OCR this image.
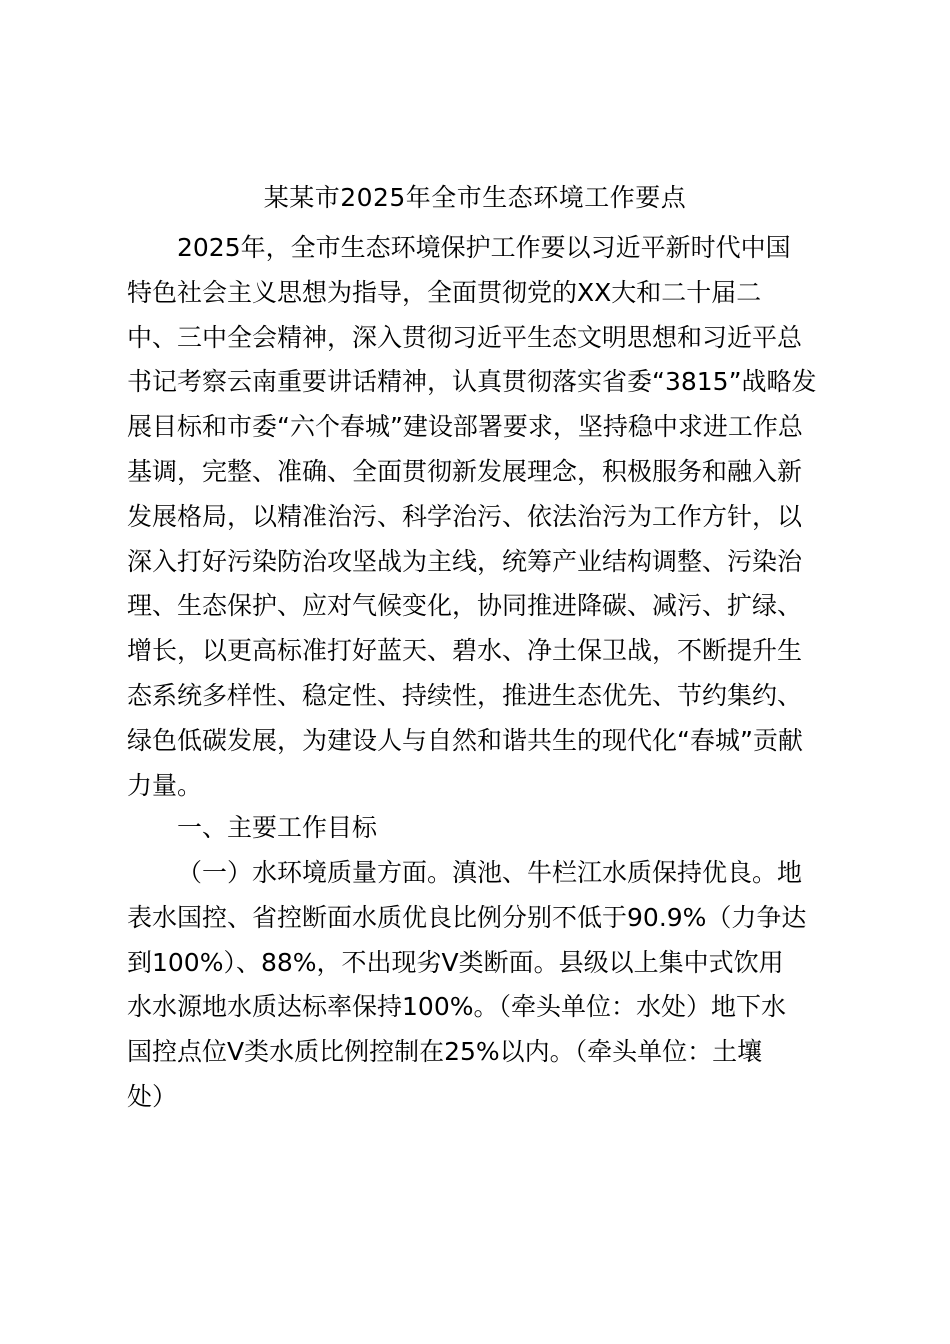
某某市2025年全市生态环境工作要点
2025年，全市生态环境保护工作要以习近平新时代中国
特色社会主义思想为指导，全面贯彻党的XX大和二十届二
中、三中全会精神，深入贯彻习近平生态文明思想和习近平总
书记考察云南重要讲话精神，认真贯彻落实省委“3815”战略发
展目标和市委“六个春城”建设部署要求，坚持稳中求进工作总
基调，完整、准确、全面贯彻新发展理念，积极服务和融入新
发展格局，以精准治污、科学治污、依法治污为工作方针，以
深入打好污染防治攻坚战为主线，统筹产业结构调整、污染治
理、生态保护、应对气候变化，协同推进降碳、减污、扩绿、
增长，以更高标准打好蓝天、碧水、净土保卫战，不断提升生
态系统多样性、稳定性、持续性，推进生态优先、节约集约、
绿色低碳发展，为建设人与自然和谐共生的现代化“春城”贡献
力量。
一、主要工作目标
（一）水环境质量方面。滇池、牛栏江水质保持优良。地
表水国控、省控断面水质优良比例分别不低于90.9%（力争达
到100%）、88%，不出现劣Ⅴ类断面。县级以上集中式饮用
水水源地水质达标率保持100%。（牵头单位：水处）地下水
国控点位Ⅴ类水质比例控制在25%以内。（牵头单位：土壤
处）
